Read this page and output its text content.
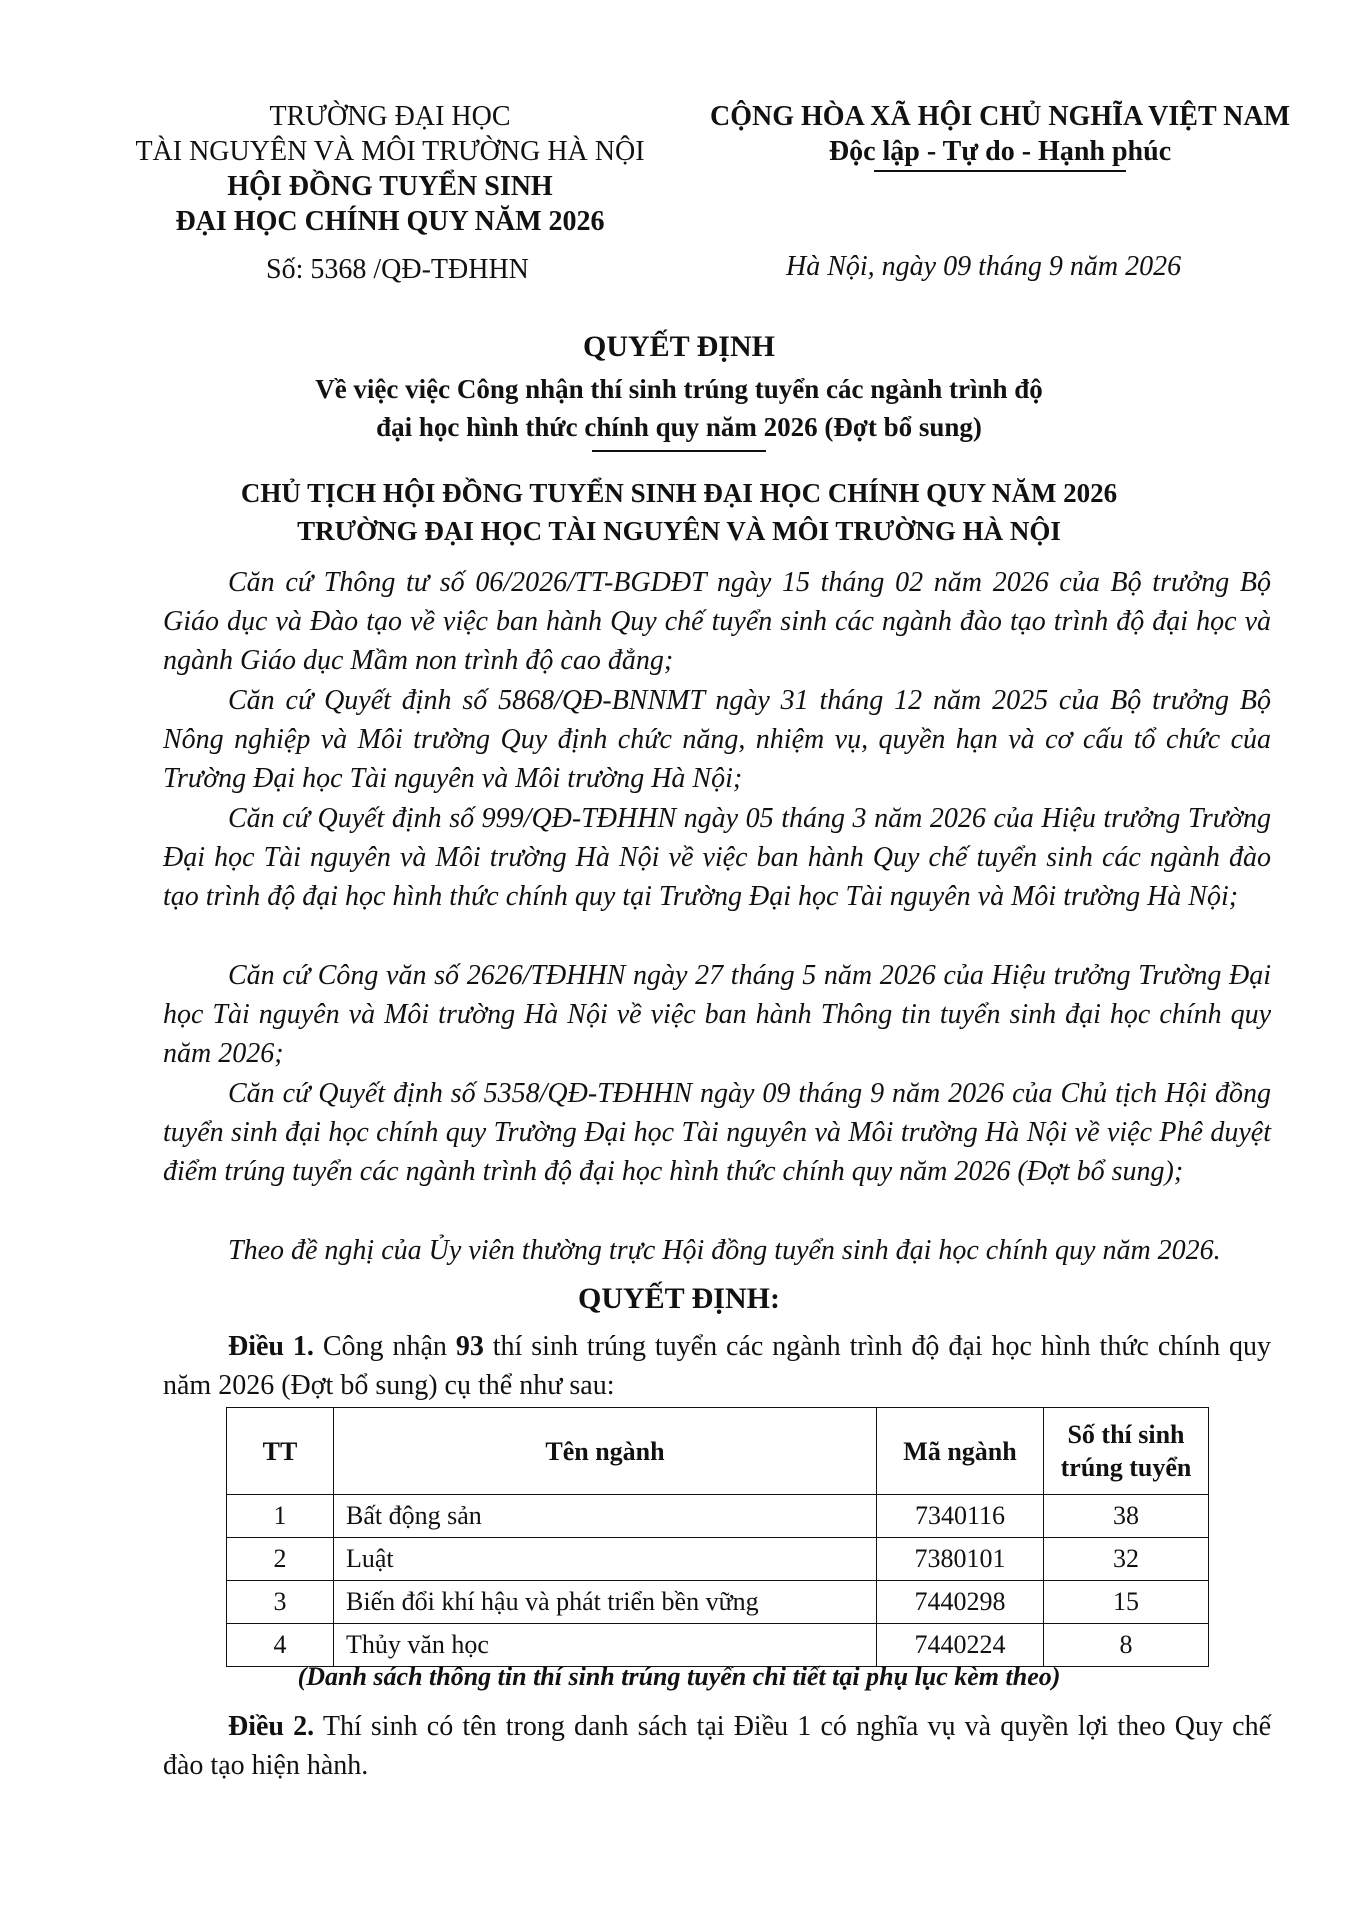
TRƯỜNG ĐẠI HỌC
TÀI NGUYÊN VÀ MÔI TRƯỜNG HÀ NỘI
HỘI ĐỒNG TUYỂN SINH
ĐẠI HỌC CHÍNH QUY NĂM 2026
Số: 5368 /QĐ-TĐHHN
CỘNG HÒA XÃ HỘI CHỦ NGHĨA VIỆT NAM
Độc lập - Tự do - Hạnh phúc
Hà Nội, ngày 09 tháng 9 năm 2026
QUYẾT ĐỊNH
Về việc việc Công nhận thí sinh trúng tuyển các ngành trình độ
đại học hình thức chính quy năm 2026 (Đợt bổ sung)
CHỦ TỊCH HỘI ĐỒNG TUYỂN SINH ĐẠI HỌC CHÍNH QUY NĂM 2026
TRƯỜNG ĐẠI HỌC TÀI NGUYÊN VÀ MÔI TRƯỜNG HÀ NỘI
Căn cứ Thông tư số 06/2026/TT-BGDĐT ngày 15 tháng 02 năm 2026 của Bộ trưởng Bộ Giáo dục và Đào tạo về việc ban hành Quy chế tuyển sinh các ngành đào tạo trình độ đại học và ngành Giáo dục Mầm non trình độ cao đẳng;
Căn cứ Quyết định số 5868/QĐ-BNNMT ngày 31 tháng 12 năm 2025 của Bộ trưởng Bộ Nông nghiệp và Môi trường Quy định chức năng, nhiệm vụ, quyền hạn và cơ cấu tổ chức của Trường Đại học Tài nguyên và Môi trường Hà Nội;
Căn cứ Quyết định số 999/QĐ-TĐHHN ngày 05 tháng 3 năm 2026 của Hiệu trưởng Trường Đại học Tài nguyên và Môi trường Hà Nội về việc ban hành Quy chế tuyển sinh các ngành đào tạo trình độ đại học hình thức chính quy tại Trường Đại học Tài nguyên và Môi trường Hà Nội;
Căn cứ Công văn số 2626/TĐHHN ngày 27 tháng 5 năm 2026 của Hiệu trưởng Trường Đại học Tài nguyên và Môi trường Hà Nội về việc ban hành Thông tin tuyển sinh đại học chính quy năm 2026;
Căn cứ Quyết định số 5358/QĐ-TĐHHN ngày 09 tháng 9 năm 2026 của Chủ tịch Hội đồng tuyển sinh đại học chính quy Trường Đại học Tài nguyên và Môi trường Hà Nội về việc Phê duyệt điểm trúng tuyển các ngành trình độ đại học hình thức chính quy năm 2026 (Đợt bổ sung);
Theo đề nghị của Ủy viên thường trực Hội đồng tuyển sinh đại học chính quy năm 2026.
QUYẾT ĐỊNH:
Điều 1. Công nhận 93 thí sinh trúng tuyển các ngành trình độ đại học hình thức chính quy năm 2026 (Đợt bổ sung) cụ thể như sau:
TT	Tên ngành	Mã ngành	Số thí sinh
trúng tuyển

1	Bất động sản	7340116	38
2	Luật	7380101	32
3	Biến đổi khí hậu và phát triển bền vững	7440298	15
4	Thủy văn học	7440224	8
(Danh sách thông tin thí sinh trúng tuyển chi tiết tại phụ lục kèm theo)
Điều 2. Thí sinh có tên trong danh sách tại Điều 1 có nghĩa vụ và quyền lợi theo Quy chế đào tạo hiện hành.
